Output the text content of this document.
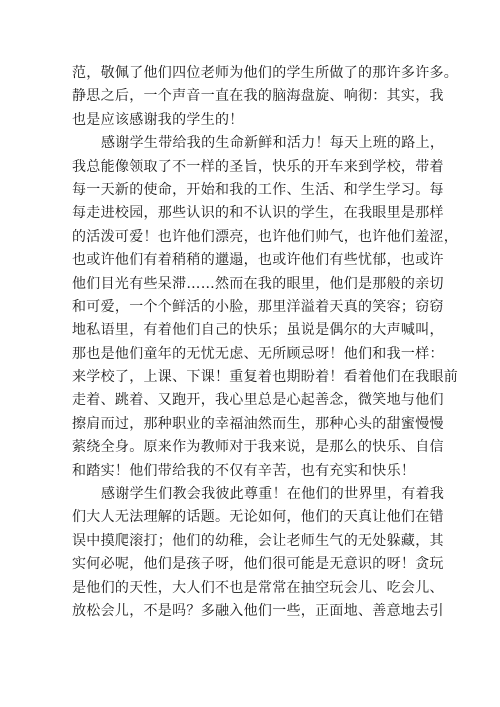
范，敬佩了他们四位老师为他们的学生所做了的那许多许多。
静思之后，一个声音一直在我的脑海盘旋、响彻：其实，我
也是应该感谢我的学生的！

感谢学生带给我的生命新鲜和活力！每天上班的路上，
我总能像领取了不一样的圣旨，快乐的开车来到学校，带着
每一天新的使命，开始和我的工作、生活、和学生学习。每
每走进校园，那些认识的和不认识的学生，在我眼里是那样
的活泼可爱！也许他们漂亮，也许他们帅气，也许他们羞涩，
也或许他们有着稍稍的邋遢，也或许他们有些忧郁，也或许
他们目光有些呆滞……然而在我的眼里，他们是那般的亲切
和可爱，一个个鲜活的小脸，那里洋溢着天真的笑容；窃窃
地私语里，有着他们自己的快乐；虽说是偶尔的大声喊叫，
那也是他们童年的无忧无虑、无所顾忌呀！他们和我一样：
来学校了，上课、下课！重复着也期盼着！看着他们在我眼前
走着、跳着、又跑开，我心里总是心起善念，微笑地与他们
擦肩而过，那种职业的幸福油然而生，那种心头的甜蜜慢慢
萦绕全身。原来作为教师对于我来说，是那么的快乐、自信
和踏实！他们带给我的不仅有辛苦，也有充实和快乐！

感谢学生们教会我彼此尊重！在他们的世界里，有着我
们大人无法理解的话题。无论如何，他们的天真让他们在错
误中摸爬滚打；他们的幼稚，会让老师生气的无处躲藏，其
实何必呢，他们是孩子呀，他们很可能是无意识的呀！贪玩
是他们的天性，大人们不也是常常在抽空玩会儿、吃会儿、
放松会儿，不是吗？多融入他们一些，正面地、善意地去引
